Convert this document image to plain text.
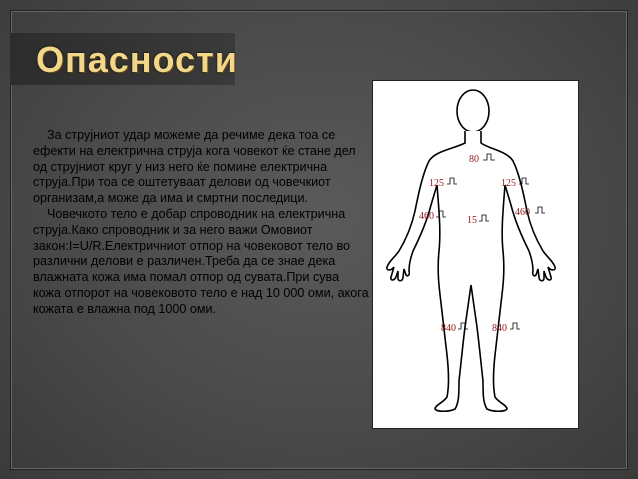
Опасности

За струјниот удар можеме да речиме дека тоа се ефекти на електрична струја кога човекот ќе стане дел од струјниот круг у низ него ќе помине електрична струја.При тоа се оштетуваат делови од човечкиот организам,а може да има и смртни последици.

Човечкото тело е добар спроводник на електрична струја.Како спроводник и за него важи Омовиот закон:I=U/R.Електричниот отпор на човековот тело во различни делови е различен.Треба да се знае дека влажната кожа има помал отпор од сувата.При сува кожа отпорот на човековото тело е над 10 000 оми, акога кожата е влажна под 1000 оми.

80
125	125
460	460
15
840	840
